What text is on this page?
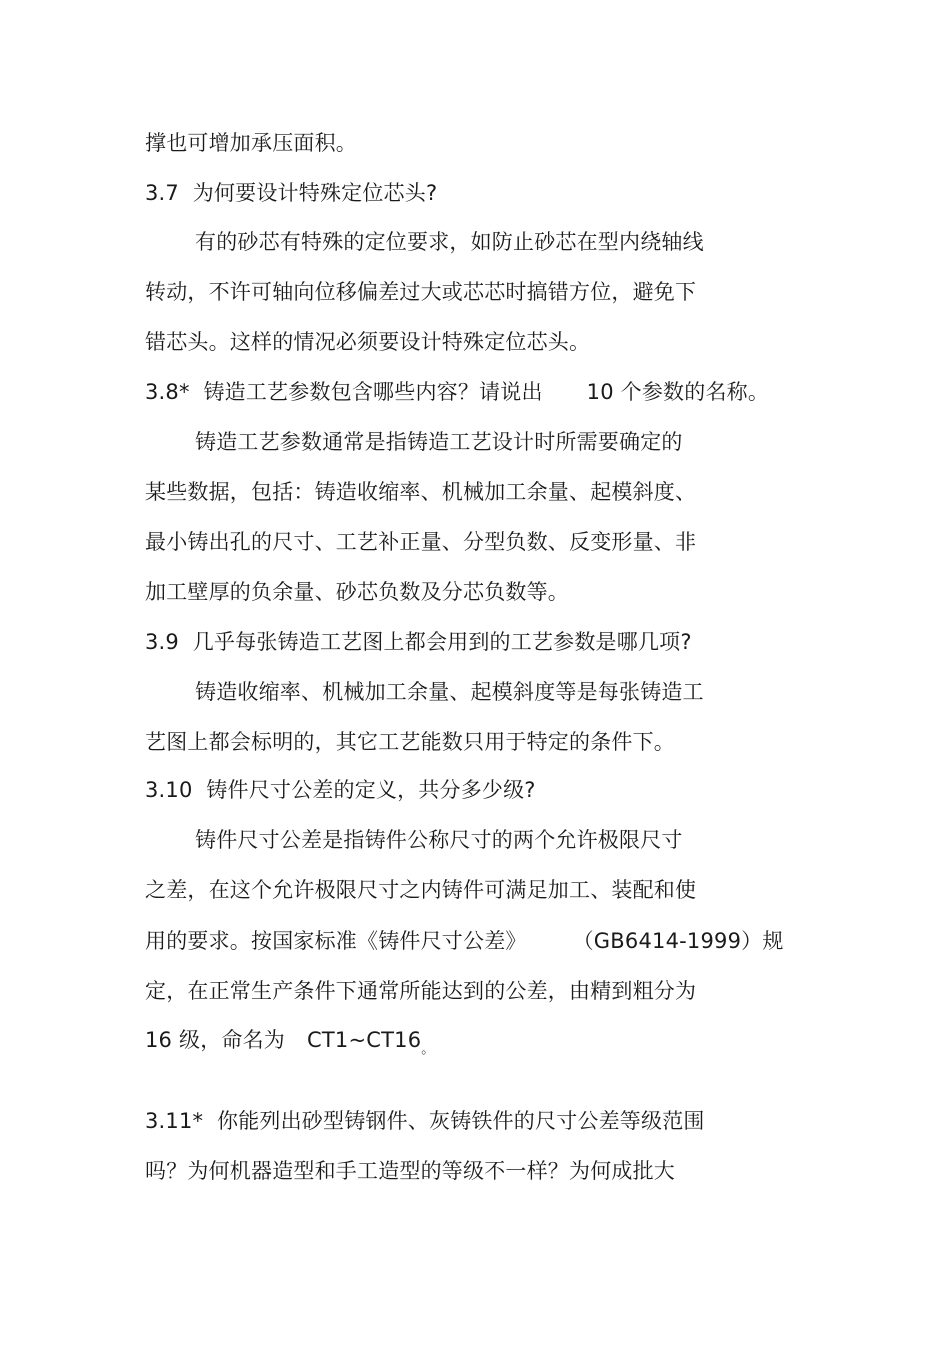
撑也可增加承压面积。
3.7  为何要设计特殊定位芯头?
有的砂芯有特殊的定位要求，如防止砂芯在型内绕轴线
转动，不许可轴向位移偏差过大或芯芯时搞错方位，避免下
错芯头。这样的情况必须要设计特殊定位芯头。
3.8*  铸造工艺参数包含哪些内容？请说出 10 个参数的名称。
铸造工艺参数通常是指铸造工艺设计时所需要确定的
某些数据，包括：铸造收缩率、机械加工余量、起模斜度、
最小铸出孔的尺寸、工艺补正量、分型负数、反变形量、非
加工壁厚的负余量、砂芯负数及分芯负数等。
3.9  几乎每张铸造工艺图上都会用到的工艺参数是哪几项?
铸造收缩率、机械加工余量、起模斜度等是每张铸造工
艺图上都会标明的，其它工艺能数只用于特定的条件下。
3.10  铸件尺寸公差的定义，共分多少级?
铸件尺寸公差是指铸件公称尺寸的两个允许极限尺寸
之差，在这个允许极限尺寸之内铸件可满足加工、装配和使
用的要求。按国家标准《铸件尺寸公差》 （GB6414-1999）规
定，在正常生产条件下通常所能达到的公差，由精到粗分为
16 级，命名为 $CT1\sim CT16_。$
3.11*  你能列出砂型铸钢件、灰铸铁件的尺寸公差等级范围
吗？为何机器造型和手工造型的等级不一样？为何成批大
